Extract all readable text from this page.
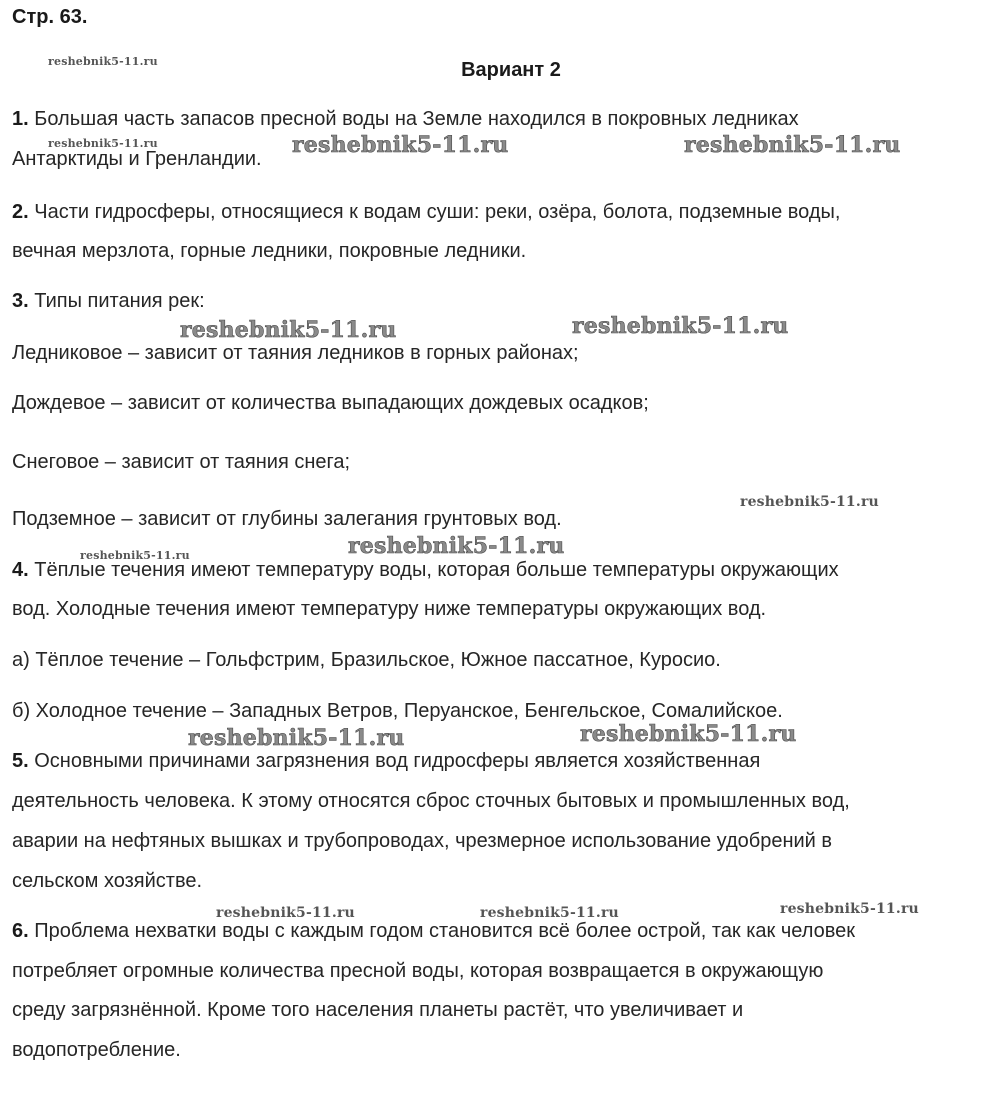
Стр. 63.
Вариант 2
reshebnik5-11.ru
reshebnik5-11.ru	reshebnik5-11.ru	reshebnik5-11.ru
reshebnik5-11.ru	reshebnik5-11.ru
reshebnik5-11.ru
reshebnik5-11.ru
reshebnik5-11.ru
reshebnik5-11.ru	reshebnik5-11.ru
reshebnik5-11.ru	reshebnik5-11.ru	reshebnik5-11.ru
1. Большая часть запасов пресной воды на Земле находился в покровных ледниках
Антарктиды и Гренландии.
2. Части гидросферы, относящиеся к водам суши: реки, озёра, болота, подземные воды,
вечная мерзлота, горные ледники, покровные ледники.
3. Типы питания рек:
Ледниковое – зависит от таяния ледников в горных районах;
Дождевое – зависит от количества выпадающих дождевых осадков;
Снеговое – зависит от таяния снега;
Подземное – зависит от глубины залегания грунтовых вод.
4. Тёплые течения имеют температуру воды, которая больше температуры окружающих
вод. Холодные течения имеют температуру ниже температуры окружающих вод.
а) Тёплое течение – Гольфстрим, Бразильское, Южное пассатное, Куросио.
б) Холодное течение – Западных Ветров, Перуанское, Бенгельское, Сомалийское.
5. Основными причинами загрязнения вод гидросферы является хозяйственная
деятельность человека. К этому относятся сброс сточных бытовых и промышленных вод,
аварии на нефтяных вышках и трубопроводах, чрезмерное использование удобрений в
сельском хозяйстве.
6. Проблема нехватки воды с каждым годом становится всё более острой, так как человек
потребляет огромные количества пресной воды, которая возвращается в окружающую
среду загрязнённой. Кроме того населения планеты растёт, что увеличивает и
водопотребление.
